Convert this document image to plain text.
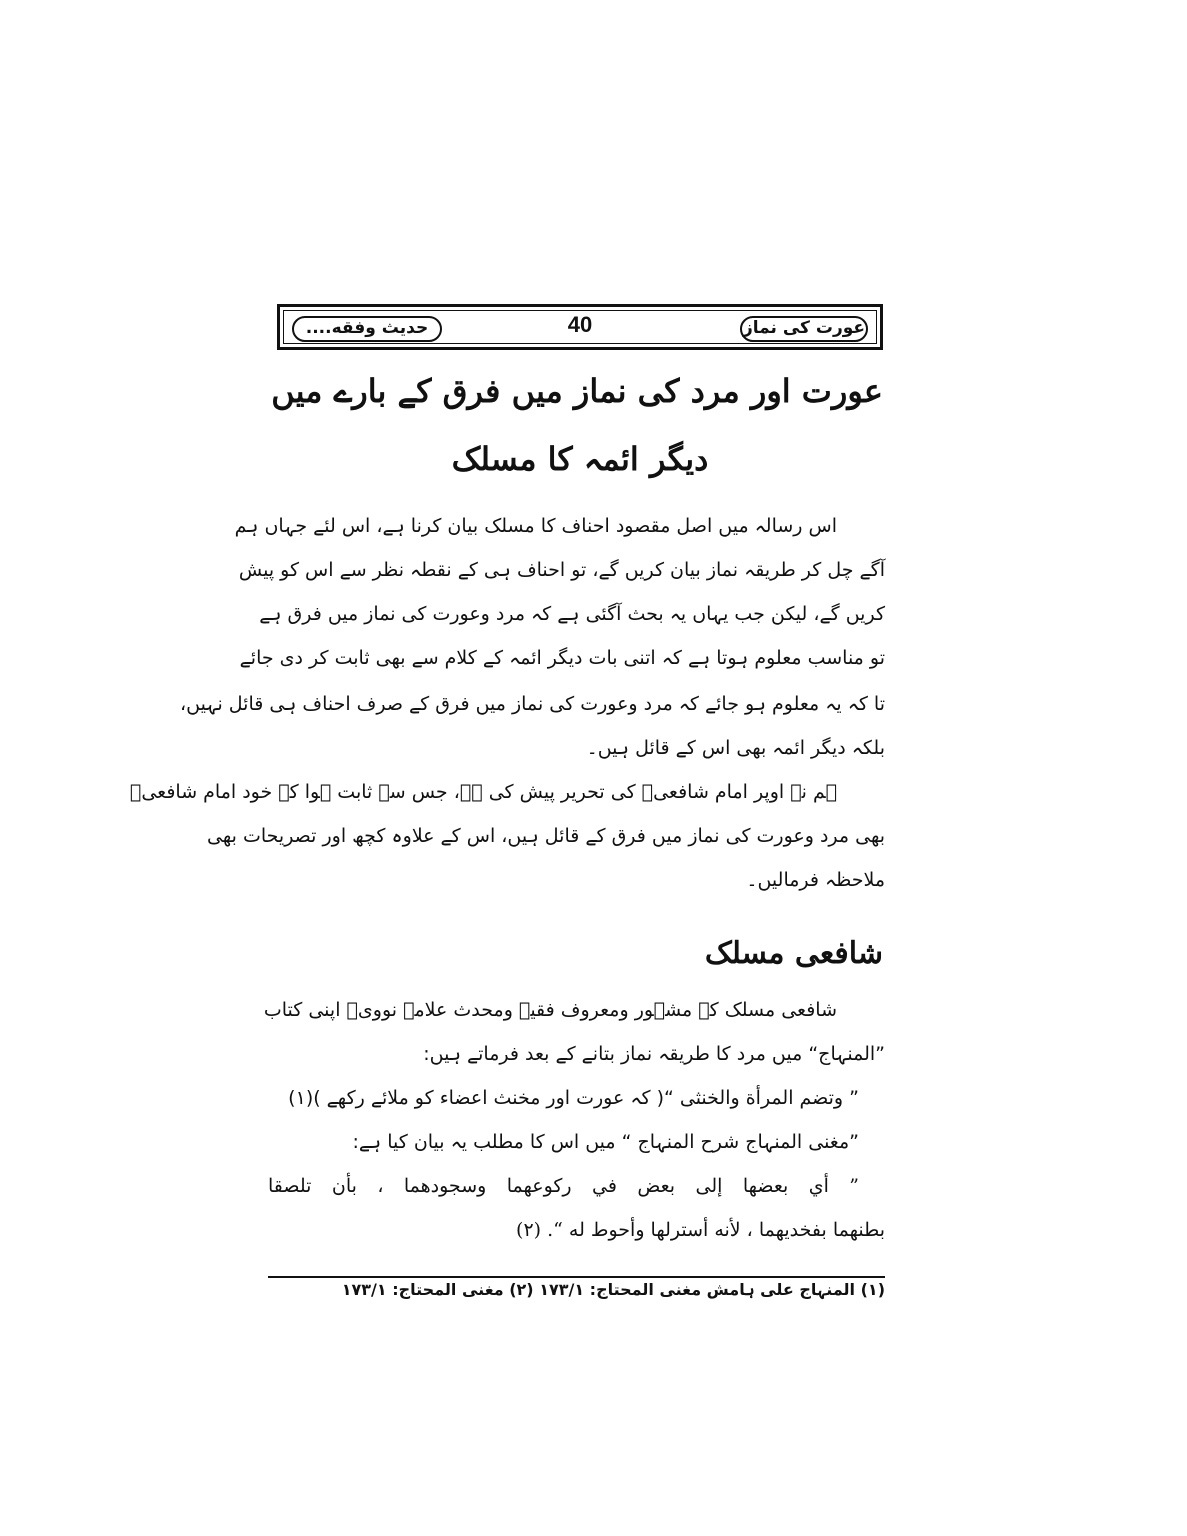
حدیث وفقه....	40	عورت کی نماز
عورت اور مرد کی نماز میں فرق کے بارے میں
دیگر ائمہ کا مسلک
اس رسالہ میں اصل مقصود احناف کا مسلک بیان کرنا ہے، اس لئے جہاں ہم
آگے چل کر طریقہ نماز بیان کریں گے، تو احناف ہی کے نقطہ نظر سے اس کو پیش
کریں گے، لیکن جب یہاں یہ بحث آگئی ہے کہ مرد وعورت کی نماز میں فرق ہے
تو مناسب معلوم ہوتا ہے کہ اتنی بات دیگر ائمہ کے کلام سے بھی ثابت کر دی جائے
تا کہ یہ معلوم ہو جائے کہ مرد وعورت کی نماز میں فرق کے صرف احناف ہی قائل نہیں،
بلکہ دیگر ائمہ بھی اس کے قائل ہیں۔
ہم نے اوپر امام شافعیؒ کی تحریر پیش کی ہے، جس سے ثابت ہوا کہ خود امام شافعیؒ
بھی مرد وعورت کی نماز میں فرق کے قائل ہیں، اس کے علاوہ کچھ اور تصریحات بھی
ملاحظہ فرمالیں۔
شافعی مسلک
شافعی مسلک کے مشہور ومعروف فقیہ ومحدث علامہ نوویؒ اپنی کتاب
”المنہاج“ میں مرد کا طریقہ نماز بتانے کے بعد فرماتے ہیں:
” وتضم المرأة والخنثى “( کہ عورت اور مخنث اعضاء کو ملائے رکھے )(۱)
”مغنی المنہاج شرح المنہاج “ میں اس کا مطلب یہ بیان کیا ہے:
” أي بعضها إلى بعض في ركوعهما وسجودهما ، بأن تلصقا
بطنهما بفخديهما ، لأنه أسترلها وأحوط له “. (۲)
(۱) المنہاج علی ہامش مغنی المحتاج: ۱۷۳/۱ (۲) مغنی المحتاج: ۱۷۳/۱
